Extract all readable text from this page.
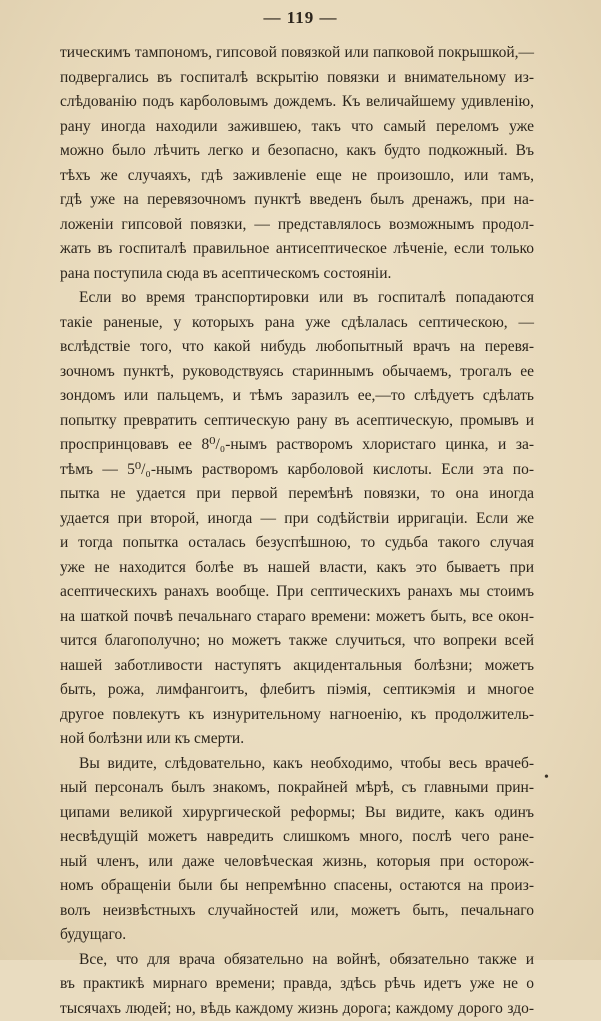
— 119 —
тическимъ тампономъ, гипсовой повязкой или папковой покрышкой,—
подвергались въ госпиталѣ вскрытію повязки и внимательному из-
слѣдованію подъ карболовымъ дождемъ. Къ величайшему удивленію,
рану иногда находили зажившею, такъ что самый переломъ уже
можно было лѣчить легко и безопасно, какъ будто подкожный. Въ
тѣхъ же случаяхъ, гдѣ заживленіе еще не произошло, или тамъ,
гдѣ уже на перевязочномъ пунктѣ введенъ былъ дренажъ, при на-
ложеніи гипсовой повязки, — представлялось возможнымъ продол-
жать въ госпиталѣ правильное антисептическое лѣченіе, если только
рана поступила сюда въ асептическомъ состояніи.
Если во время транспортировки или въ госпиталѣ попадаются
такіе раненые, у которыхъ рана уже сдѣлалась септическою, —
вслѣдствіе того, что какой нибудь любопытный врачъ на перевя-
зочномъ пунктѣ, руководствуясь стариннымъ обычаемъ, трогалъ ее
зондомъ или пальцемъ, и тѣмъ заразилъ ее,—то слѣдуетъ сдѣлать
попытку превратить септическую рану въ асептическую, промывъ и
проспринцовавъ ее 8⁰/₀-нымъ растворомъ хлористаго цинка, и за-
тѣмъ — 5⁰/₀-нымъ растворомъ карболовой кислоты. Если эта по-
пытка не удается при первой перемѣнѣ повязки, то она иногда
удается при второй, иногда — при содѣйствіи ирригаціи. Если же
и тогда попытка осталась безуспѣшною, то судьба такого случая
уже не находится болѣе въ нашей власти, какъ это бываетъ при
асептическихъ ранахъ вообще. При септическихъ ранахъ мы стоимъ
на шаткой почвѣ печальнаго стараго времени: можетъ быть, все окон-
чится благополучно; но можетъ также случиться, что вопреки всей
нашей заботливости наступятъ акцидентальныя болѣзни; можетъ
быть, рожа, лимфангоитъ, флебитъ піэмія, септикэмія и многое
другое повлекутъ къ изнурительному нагноенію, къ продолжитель-
ной болѣзни или къ смерти.
Вы видите, слѣдовательно, какъ необходимо, чтобы весь врачеб-
ный персоналъ былъ знакомъ, покрайней мѣрѣ, съ главными прин-
ципами великой хирургической реформы; Вы видите, какъ одинъ
несвѣдущій можетъ навредить слишкомъ много, послѣ чего ране-
ный членъ, или даже человѣческая жизнь, которыя при осторож-
номъ обращеніи были бы непремѣнно спасены, остаются на произ-
волъ неизвѣстныхъ случайностей или, можетъ быть, печальнаго
будущаго.
Все, что для врача обязательно на войнѣ, обязательно также и
въ практикѣ мирнаго времени; правда, здѣсь рѣчь идетъ уже не о
тысячахъ людей; но, вѣдь каждому жизнь дорога; каждому дорого здо-
•
